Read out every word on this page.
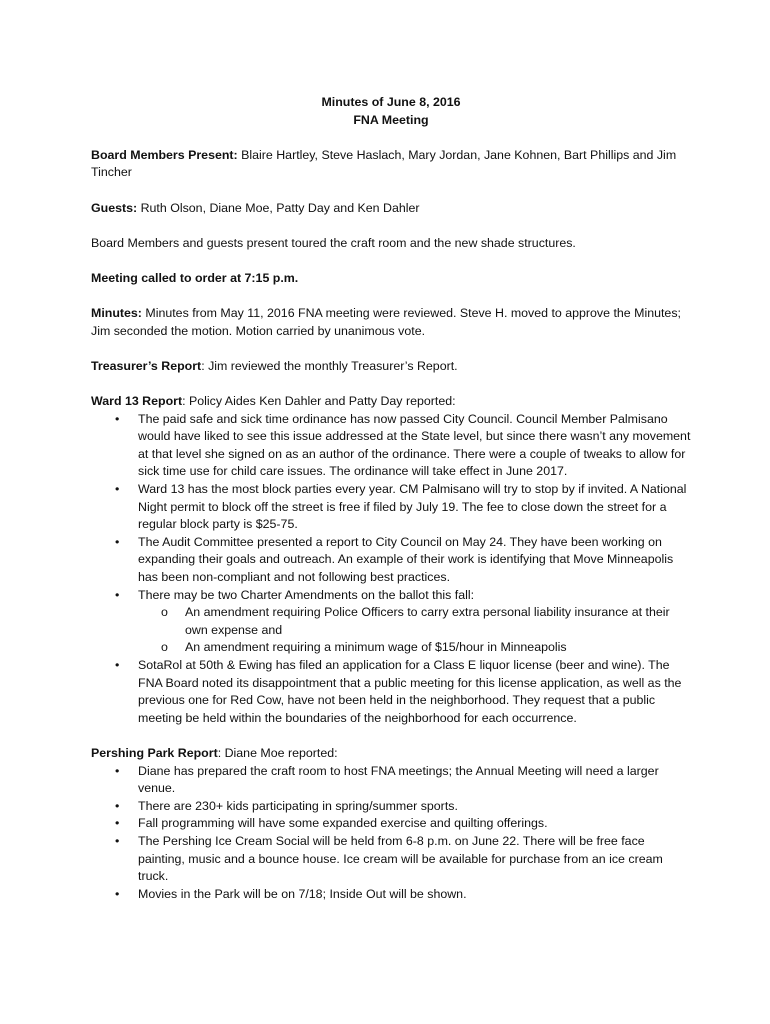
Minutes of June 8, 2016

FNA Meeting

Board Members Present: Blaire Hartley, Steve Haslach, Mary Jordan, Jane Kohnen, Bart Phillips and Jim Tincher

Guests: Ruth Olson, Diane Moe, Patty Day and Ken Dahler

Board Members and guests present toured the craft room and the new shade structures.

Meeting called to order at 7:15 p.m.

Minutes: Minutes from May 11, 2016 FNA meeting were reviewed. Steve H. moved to approve the Minutes; Jim seconded the motion. Motion carried by unanimous vote.

Treasurer’s Report: Jim reviewed the monthly Treasurer’s Report.

Ward 13 Report: Policy Aides Ken Dahler and Patty Day reported:

• The paid safe and sick time ordinance has now passed City Council. Council Member Palmisano would have liked to see this issue addressed at the State level, but since there wasn’t any movement at that level she signed on as an author of the ordinance. There were a couple of tweaks to allow for sick time use for child care issues. The ordinance will take effect in June 2017.
• Ward 13 has the most block parties every year. CM Palmisano will try to stop by if invited. A National Night permit to block off the street is free if filed by July 19. The fee to close down the street for a regular block party is $25-75.
• The Audit Committee presented a report to City Council on May 24. They have been working on expanding their goals and outreach. An example of their work is identifying that Move Minneapolis has been non-compliant and not following best practices.
• There may be two Charter Amendments on the ballot this fall:
o An amendment requiring Police Officers to carry extra personal liability insurance at their own expense and
o An amendment requiring a minimum wage of $15/hour in Minneapolis
• SotaRol at 50th & Ewing has filed an application for a Class E liquor license (beer and wine). The FNA Board noted its disappointment that a public meeting for this license application, as well as the previous one for Red Cow, have not been held in the neighborhood. They request that a public meeting be held within the boundaries of the neighborhood for each occurrence.

Pershing Park Report: Diane Moe reported:

• Diane has prepared the craft room to host FNA meetings; the Annual Meeting will need a larger venue.
• There are 230+ kids participating in spring/summer sports.
• Fall programming will have some expanded exercise and quilting offerings.
• The Pershing Ice Cream Social will be held from 6-8 p.m. on June 22. There will be free face painting, music and a bounce house. Ice cream will be available for purchase from an ice cream truck.
• Movies in the Park will be on 7/18; Inside Out will be shown.
